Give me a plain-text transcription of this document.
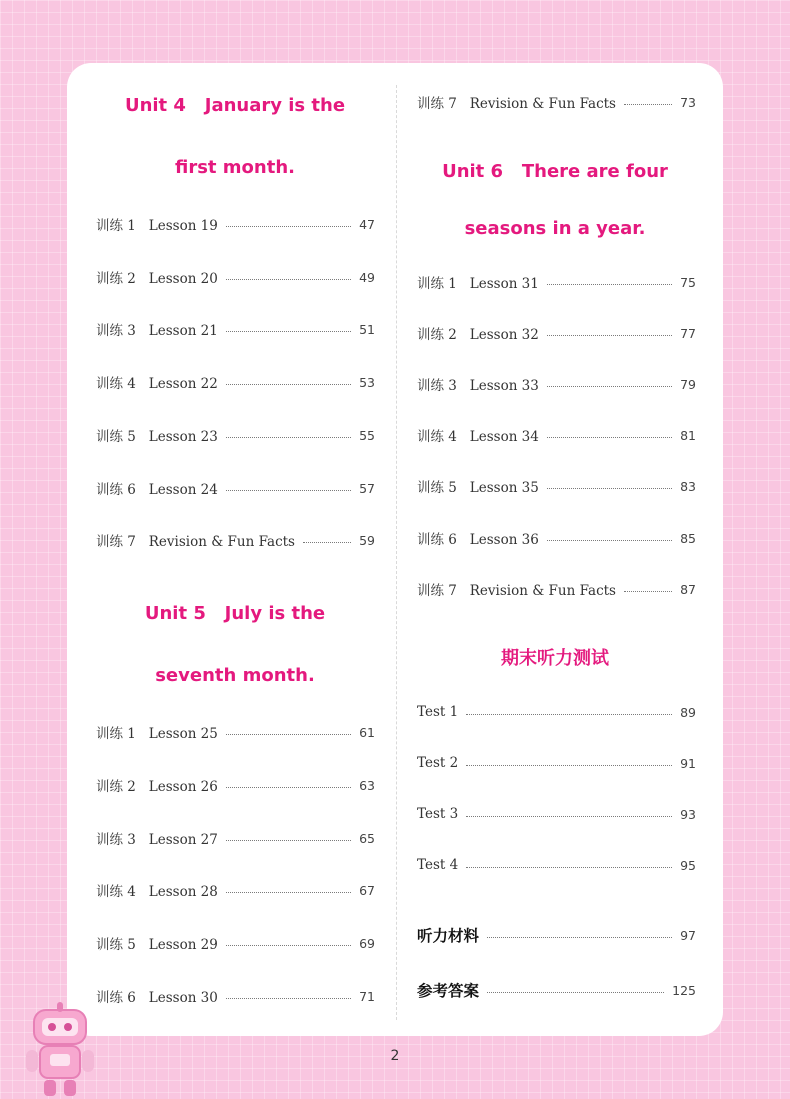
Unit 4   January is the
first month.
训练 1   Lesson 19	47
训练 2   Lesson 20	49
训练 3   Lesson 21	51
训练 4   Lesson 22	53
训练 5   Lesson 23	55
训练 6   Lesson 24	57
训练 7   Revision & Fun Facts	59
Unit 5   July is the
seventh month.
训练 1   Lesson 25	61
训练 2   Lesson 26	63
训练 3   Lesson 27	65
训练 4   Lesson 28	67
训练 5   Lesson 29	69
训练 6   Lesson 30	71
训练 7   Revision & Fun Facts	73
Unit 6   There are four
seasons in a year.
训练 1   Lesson 31	75
训练 2   Lesson 32	77
训练 3   Lesson 33	79
训练 4   Lesson 34	81
训练 5   Lesson 35	83
训练 6   Lesson 36	85
训练 7   Revision & Fun Facts	87
期末听力测试
Test 1	89
Test 2	91
Test 3	93
Test 4	95
听力材料	97
参考答案	125
2
